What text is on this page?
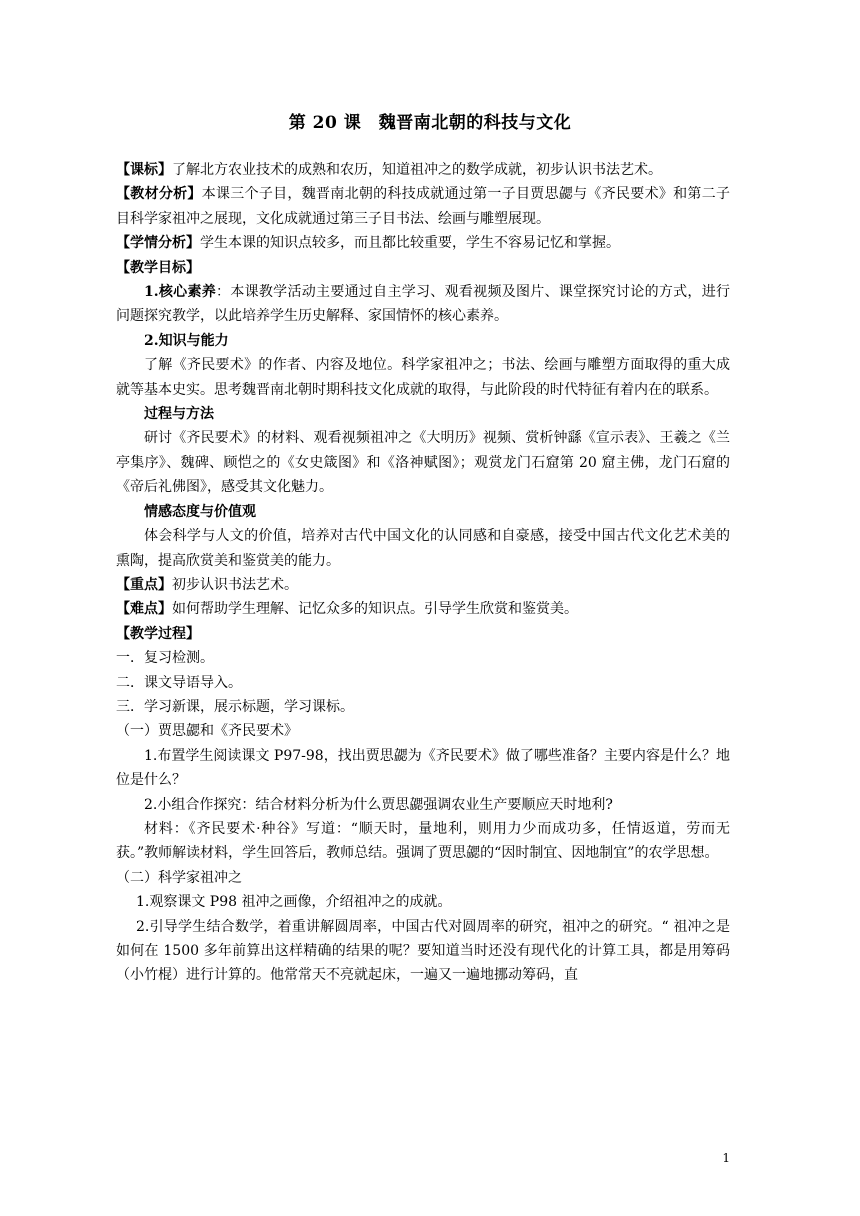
第 20 课　魏晋南北朝的科技与文化

【课标】了解北方农业技术的成熟和农历，知道祖冲之的数学成就，初步认识书法艺术。

【教材分析】本课三个子目，魏晋南北朝的科技成就通过第一子目贾思勰与《齐民要术》和第二子目科学家祖冲之展现，文化成就通过第三子目书法、绘画与雕塑展现。

【学情分析】学生本课的知识点较多，而且都比较重要，学生不容易记忆和掌握。

【教学目标】

1.核心素养：本课教学活动主要通过自主学习、观看视频及图片、课堂探究讨论的方式，进行问题探究教学，以此培养学生历史解释、家国情怀的核心素养。

2.知识与能力

了解《齐民要术》的作者、内容及地位。科学家祖冲之；书法、绘画与雕塑方面取得的重大成就等基本史实。思考魏晋南北朝时期科技文化成就的取得，与此阶段的时代特征有着内在的联系。

过程与方法

研讨《齐民要术》的材料、观看视频祖冲之《大明历》视频、赏析钟繇《宣示表》、王羲之《兰亭集序》、魏碑、顾恺之的《女史箴图》和《洛神赋图》；观赏龙门石窟第 20 窟主佛，龙门石窟的《帝后礼佛图》，感受其文化魅力。

情感态度与价值观

体会科学与人文的价值，培养对古代中国文化的认同感和自豪感，接受中国古代文化艺术美的熏陶，提高欣赏美和鉴赏美的能力。

【重点】初步认识书法艺术。

【难点】如何帮助学生理解、记忆众多的知识点。引导学生欣赏和鉴赏美。

【教学过程】

一．复习检测。

二．课文导语导入。

三．学习新课，展示标题，学习课标。

（一）贾思勰和《齐民要术》

1.布置学生阅读课文 P97-98，找出贾思勰为《齐民要术》做了哪些准备？主要内容是什么？地位是什么？

2.小组合作探究：结合材料分析为什么贾思勰强调农业生产要顺应天时地利?

材料：《齐民要术·种谷》写道：“顺天时，量地利，则用力少而成功多，任情返道，劳而无获。”教师解读材料，学生回答后，教师总结。强调了贾思勰的“因时制宜、因地制宜”的农学思想。

（二）科学家祖冲之

1.观察课文 P98 祖冲之画像，介绍祖冲之的成就。

2.引导学生结合数学，着重讲解圆周率，中国古代对圆周率的研究，祖冲之的研究。“ 祖冲之是如何在 1500 多年前算出这样精确的结果的呢？要知道当时还没有现代化的计算工具，都是用筹码（小竹棍）进行计算的。他常常天不亮就起床，一遍又一遍地挪动筹码，直

1
